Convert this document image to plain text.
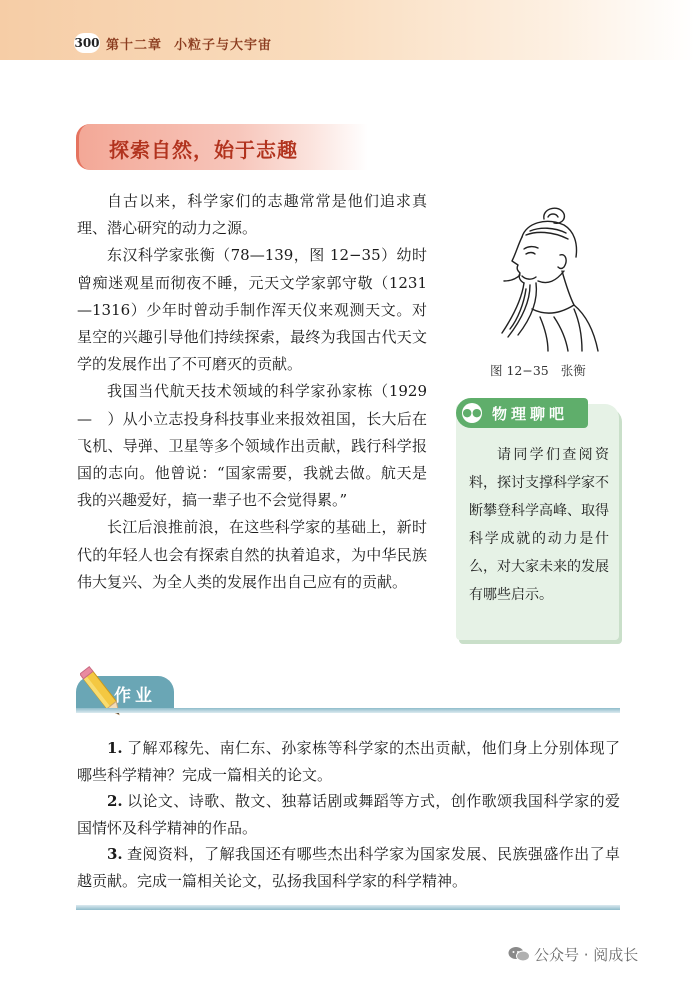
300 第十二章 小粒子与大宇宙
探索自然，始于志趣

自古以来，科学家们的志趣常常是他们追求真理、潜心研究的动力之源。

东汉科学家张衡（78—139，图 12−35）幼时曾痴迷观星而彻夜不睡，元天文学家郭守敬（1231—1316）少年时曾动手制作浑天仪来观测天文。对星空的兴趣引导他们持续探索，最终为我国古代天文学的发展作出了不可磨灭的贡献。

我国当代航天技术领域的科学家孙家栋（1929—　）从小立志投身科技事业来报效祖国，长大后在飞机、导弹、卫星等多个领域作出贡献，践行科学报国的志向。他曾说：“国家需要，我就去做。航天是我的兴趣爱好，搞一辈子也不会觉得累。”

长江后浪推前浪，在这些科学家的基础上，新时代的年轻人也会有探索自然的执着追求，为中华民族伟大复兴、为全人类的发展作出自己应有的贡献。

图 12−35 张衡
●● 物理聊吧

请同学们查阅资料，探讨支撑科学家不断攀登科学高峰、取得科学成就的动力是什么，对大家未来的发展有哪些启示。

作业

1. 了解邓稼先、南仁东、孙家栋等科学家的杰出贡献，他们身上分别体现了哪些科学精神？完成一篇相关的论文。

2. 以论文、诗歌、散文、独幕话剧或舞蹈等方式，创作歌颂我国科学家的爱国情怀及科学精神的作品。

3. 查阅资料，了解我国还有哪些杰出科学家为国家发展、民族强盛作出了卓越贡献。完成一篇相关论文，弘扬我国科学家的科学精神。

公众号 · 阅成长
